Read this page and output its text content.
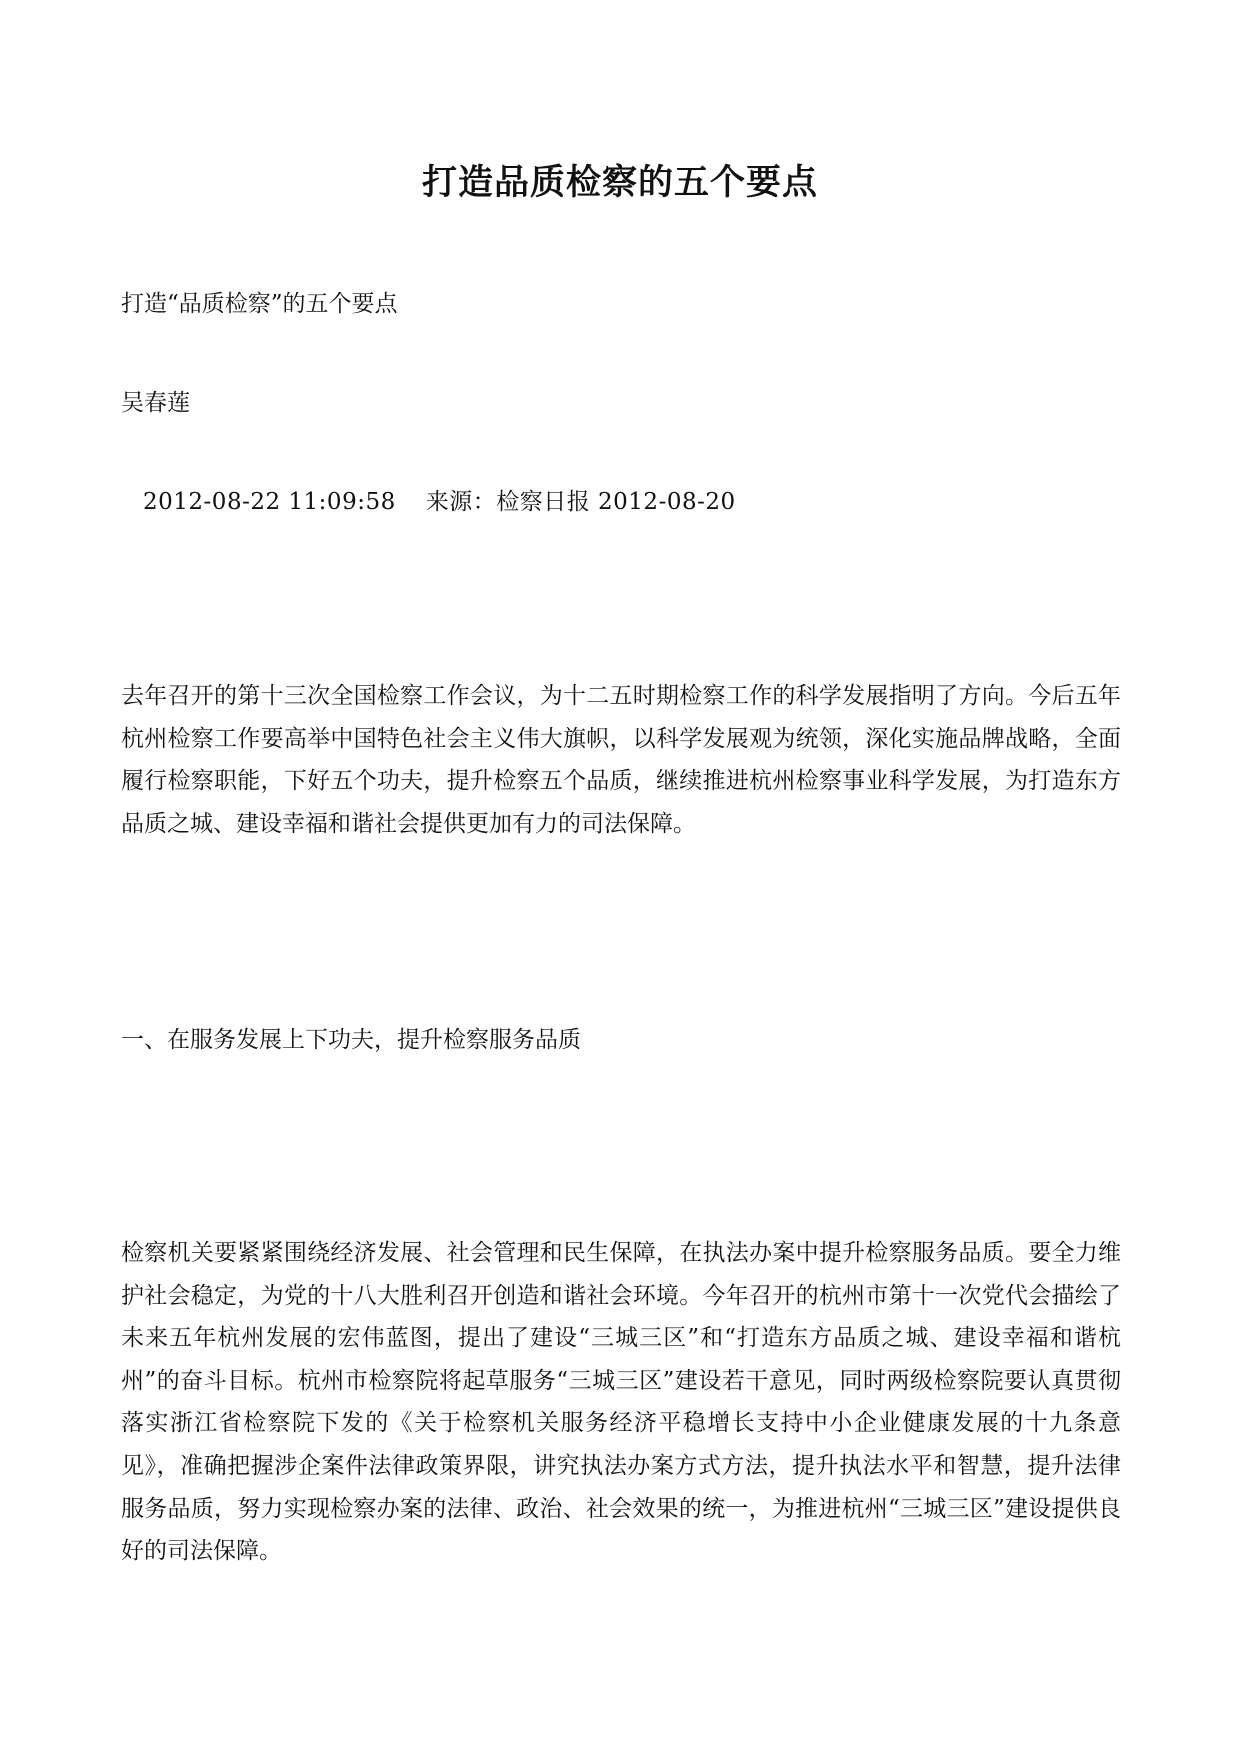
打造品质检察的五个要点

打造“品质检察”的五个要点

吴春莲

2012-08-22 11:09:58 来源：检察日报 2012-08-20

去年召开的第十三次全国检察工作会议，为十二五时期检察工作的科学发展指明了方向。今后五年杭州检察工作要高举中国特色社会主义伟大旗帜，以科学发展观为统领，深化实施品牌战略，全面履行检察职能，下好五个功夫，提升检察五个品质，继续推进杭州检察事业科学发展，为打造东方品质之城、建设幸福和谐社会提供更加有力的司法保障。

一、在服务发展上下功夫，提升检察服务品质

检察机关要紧紧围绕经济发展、社会管理和民生保障，在执法办案中提升检察服务品质。要全力维护社会稳定，为党的十八大胜利召开创造和谐社会环境。今年召开的杭州市第十一次党代会描绘了未来五年杭州发展的宏伟蓝图，提出了建设“三城三区”和“打造东方品质之城、建设幸福和谐杭州”的奋斗目标。杭州市检察院将起草服务“三城三区”建设若干意见，同时两级检察院要认真贯彻落实浙江省检察院下发的《关于检察机关服务经济平稳增长支持中小企业健康发展的十九条意见》，准确把握涉企案件法律政策界限，讲究执法办案方式方法，提升执法水平和智慧，提升法律服务品质，努力实现检察办案的法律、政治、社会效果的统一，为推进杭州“三城三区”建设提供良好的司法保障。
